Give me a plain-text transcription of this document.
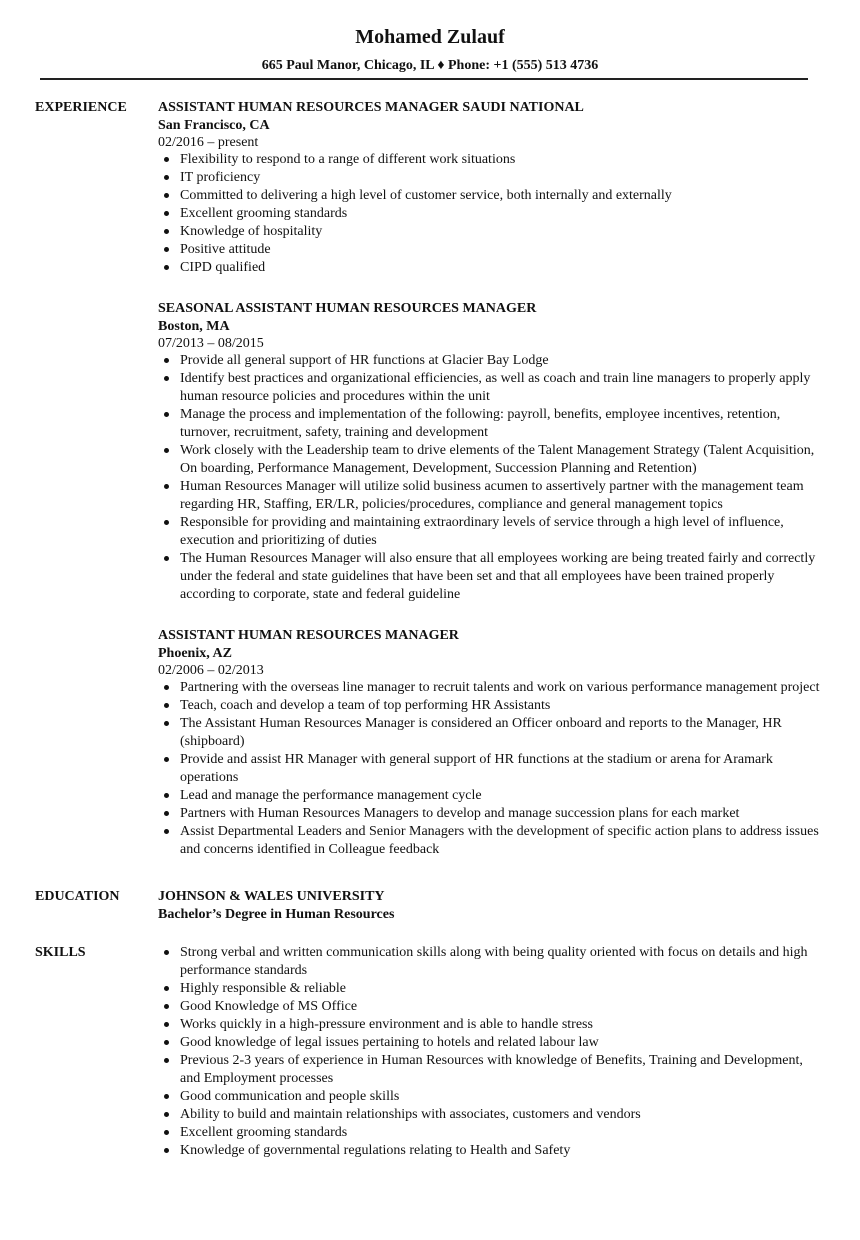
Mohamed Zulauf
665 Paul Manor, Chicago, IL ♦ Phone: +1 (555) 513 4736
EXPERIENCE	ASSISTANT HUMAN RESOURCES MANAGER SAUDI NATIONAL
San Francisco, CA
02/2016 – present
Flexibility to respond to a range of different work situations
IT proficiency
Committed to delivering a high level of customer service, both internally and externally
Excellent grooming standards
Knowledge of hospitality
Positive attitude
CIPD qualified
SEASONAL ASSISTANT HUMAN RESOURCES MANAGER
Boston, MA
07/2013 – 08/2015
Provide all general support of HR functions at Glacier Bay Lodge
Identify best practices and organizational efficiencies, as well as coach and train line managers to properly apply human resource policies and procedures within the unit
Manage the process and implementation of the following: payroll, benefits, employee incentives, retention, turnover, recruitment, safety, training and development
Work closely with the Leadership team to drive elements of the Talent Management Strategy (Talent Acquisition, On boarding, Performance Management, Development, Succession Planning and Retention)
Human Resources Manager will utilize solid business acumen to assertively partner with the management team regarding HR, Staffing, ER/LR, policies/procedures, compliance and general management topics
Responsible for providing and maintaining extraordinary levels of service through a high level of influence, execution and prioritizing of duties
The Human Resources Manager will also ensure that all employees working are being treated fairly and correctly under the federal and state guidelines that have been set and that all employees have been trained properly according to corporate, state and federal guideline
ASSISTANT HUMAN RESOURCES MANAGER
Phoenix, AZ
02/2006 – 02/2013
Partnering with the overseas line manager to recruit talents and work on various performance management project
Teach, coach and develop a team of top performing HR Assistants
The Assistant Human Resources Manager is considered an Officer onboard and reports to the Manager, HR (shipboard)
Provide and assist HR Manager with general support of HR functions at the stadium or arena for Aramark operations
Lead and manage the performance management cycle
Partners with Human Resources Managers to develop and manage succession plans for each market
Assist Departmental Leaders and Senior Managers with the development of specific action plans to address issues and concerns identified in Colleague feedback
EDUCATION	JOHNSON & WALES UNIVERSITY
Bachelor’s Degree in Human Resources
SKILLS	Strong verbal and written communication skills along with being quality oriented with focus on details and high performance standards
Highly responsible & reliable
Good Knowledge of MS Office
Works quickly in a high-pressure environment and is able to handle stress
Good knowledge of legal issues pertaining to hotels and related labour law
Previous 2-3 years of experience in Human Resources with knowledge of Benefits, Training and Development, and Employment processes
Good communication and people skills
Ability to build and maintain relationships with associates, customers and vendors
Excellent grooming standards
Knowledge of governmental regulations relating to Health and Safety
